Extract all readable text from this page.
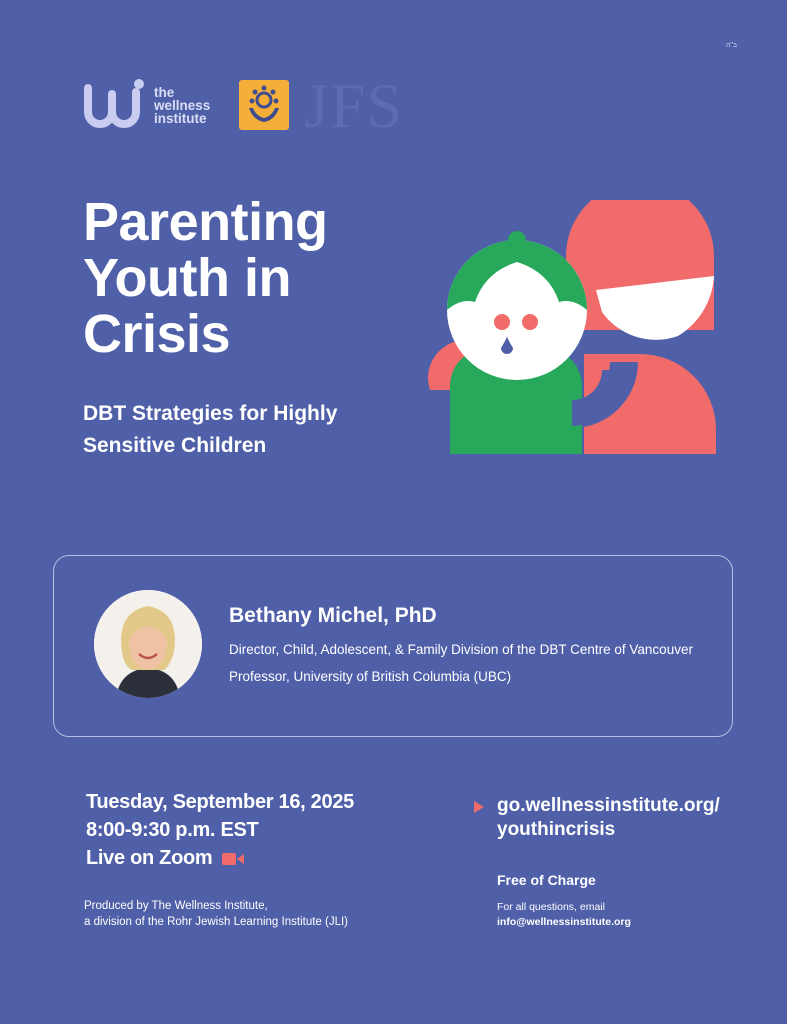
ב"ה
the
wellness
institute JFS
Parenting
Youth in
Crisis
DBT Strategies for Highly
Sensitive Children
Bethany Michel, PhD
Director, Child, Adolescent, & Family Division of the DBT Centre of Vancouver
Professor, University of British Columbia (UBC)
Tuesday, September 16, 2025
8:00-9:30 p.m. EST
Live on Zoom
Produced by The Wellness Institute,
a division of the Rohr Jewish Learning Institute (JLI)
go.wellnessinstitute.org/
youthincrisis
Free of Charge
For all questions, email
info@wellnessinstitute.org
